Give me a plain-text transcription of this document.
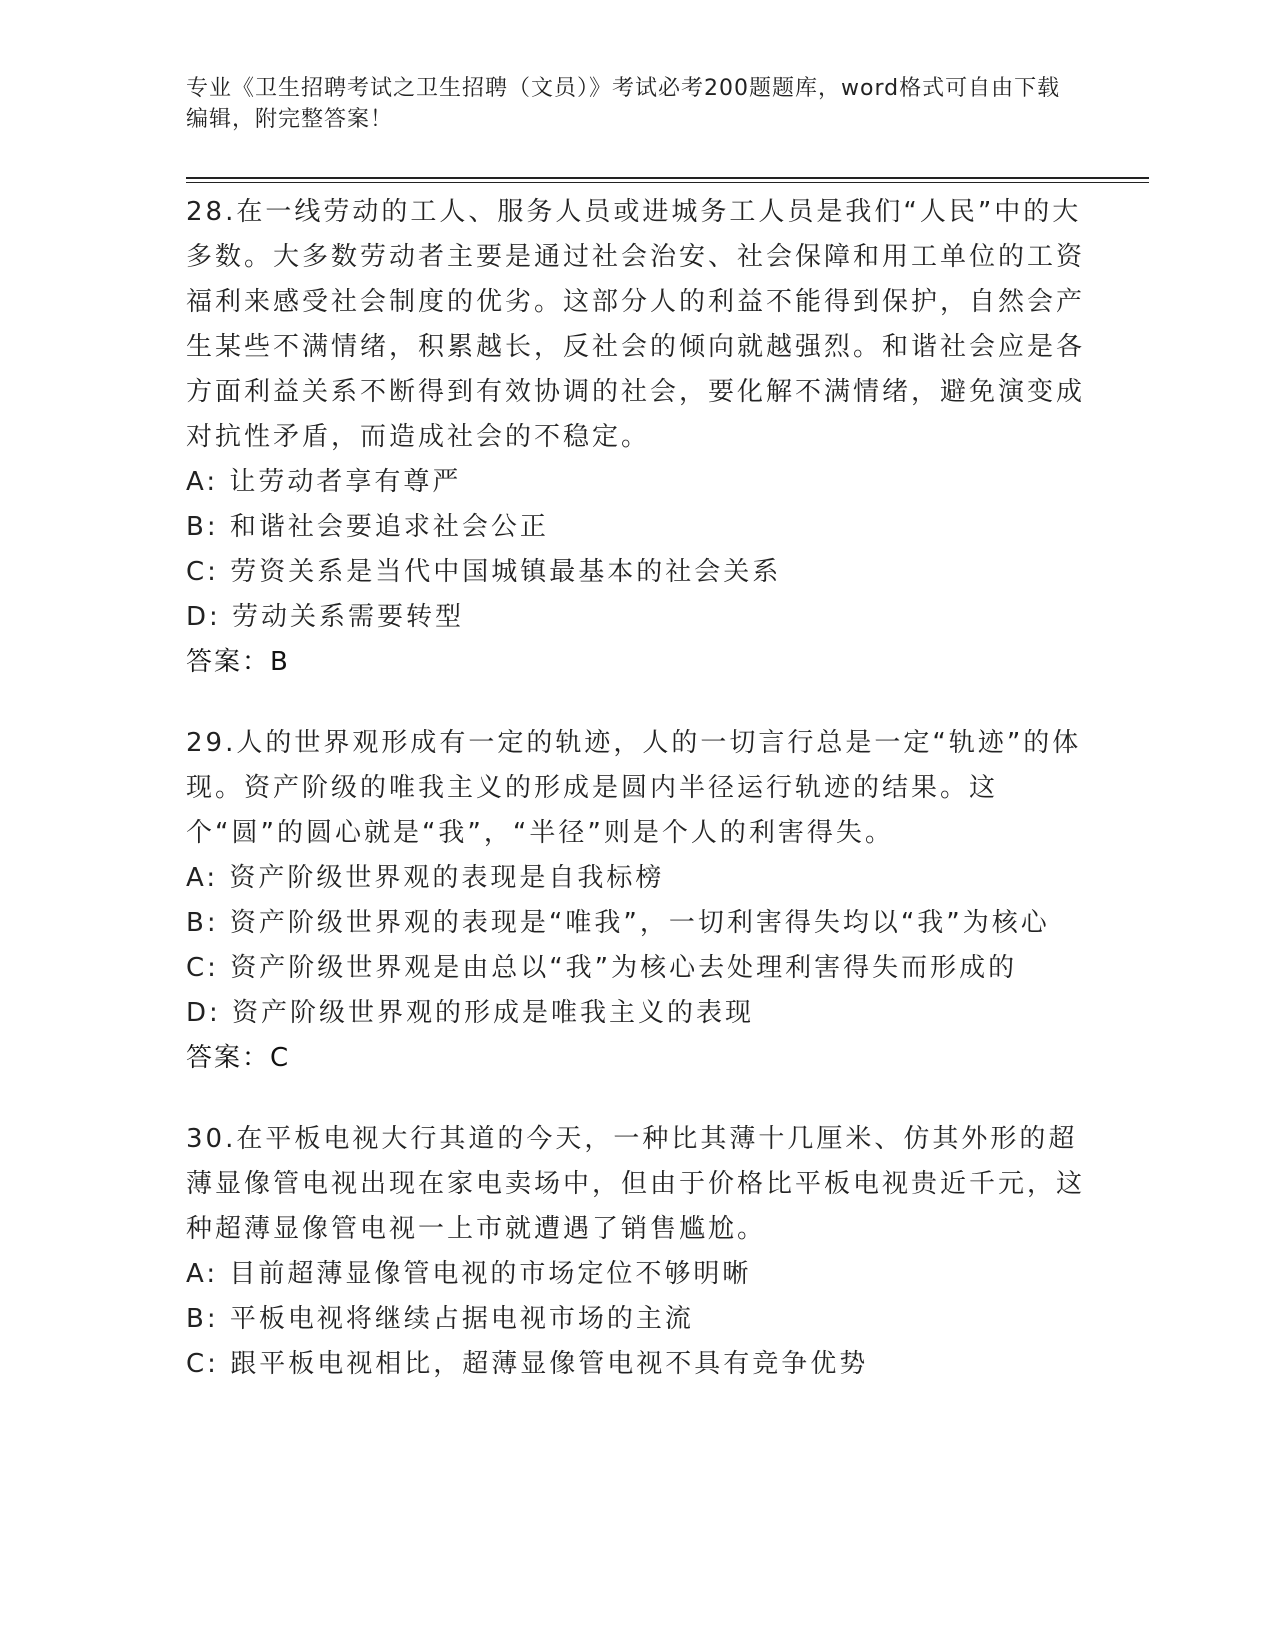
专业《卫生招聘考试之卫生招聘（文员）》考试必考200题题库，word格式可自由下载编辑，附完整答案！

28.在一线劳动的工人、服务人员或进城务工人员是我们“人民”中的大多数。大多数劳动者主要是通过社会治安、社会保障和用工单位的工资福利来感受社会制度的优劣。这部分人的利益不能得到保护，自然会产生某些不满情绪，积累越长，反社会的倾向就越强烈。和谐社会应是各方面利益关系不断得到有效协调的社会，要化解不满情绪，避免演变成对抗性矛盾，而造成社会的不稳定。

A: 让劳动者享有尊严

B: 和谐社会要追求社会公正

C: 劳资关系是当代中国城镇最基本的社会关系

D: 劳动关系需要转型

答案：B

29.人的世界观形成有一定的轨迹，人的一切言行总是一定“轨迹”的体现。资产阶级的唯我主义的形成是圆内半径运行轨迹的结果。这个“圆”的圆心就是“我”，“半径”则是个人的利害得失。

A: 资产阶级世界观的表现是自我标榜

B: 资产阶级世界观的表现是“唯我”，一切利害得失均以“我”为核心

C: 资产阶级世界观是由总以“我”为核心去处理利害得失而形成的

D: 资产阶级世界观的形成是唯我主义的表现

答案：C

30.在平板电视大行其道的今天，一种比其薄十几厘米、仿其外形的超薄显像管电视出现在家电卖场中，但由于价格比平板电视贵近千元，这种超薄显像管电视一上市就遭遇了销售尴尬。

A: 目前超薄显像管电视的市场定位不够明晰

B: 平板电视将继续占据电视市场的主流

C: 跟平板电视相比，超薄显像管电视不具有竞争优势
